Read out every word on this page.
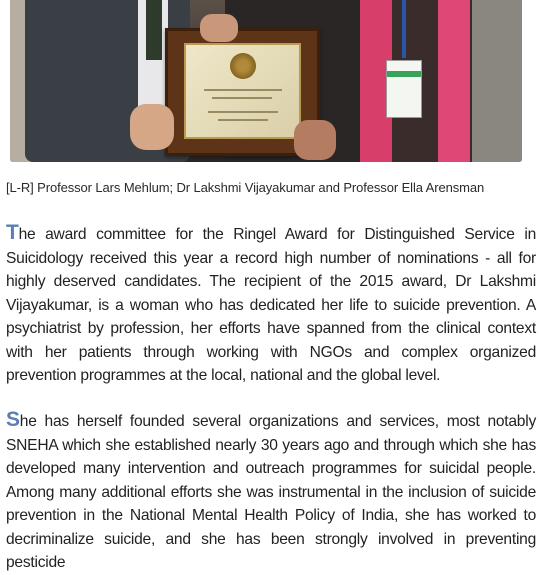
[L-R] Professor Lars Mehlum; Dr Lakshmi Vijayakumar and Professor Ella Arensman

The award committee for the Ringel Award for Distinguished Service in Suicidology received this year a record high number of nominations - all for highly deserved candidates. The recipient of the 2015 award, Dr Lakshmi Vijayakumar, is a woman who has dedicated her life to suicide prevention. A psychiatrist by profession, her efforts have spanned from the clinical context with her patients through working with NGOs and complex organized prevention programmes at the local, national and the global level.

She has herself founded several organizations and services, most notably SNEHA which she established nearly 30 years ago and through which she has developed many intervention and outreach programmes for suicidal people. Among many additional efforts she was instrumental in the inclusion of suicide prevention in the National Mental Health Policy of India, she has worked to decriminalize suicide, and she has been strongly involved in preventing pesticide
